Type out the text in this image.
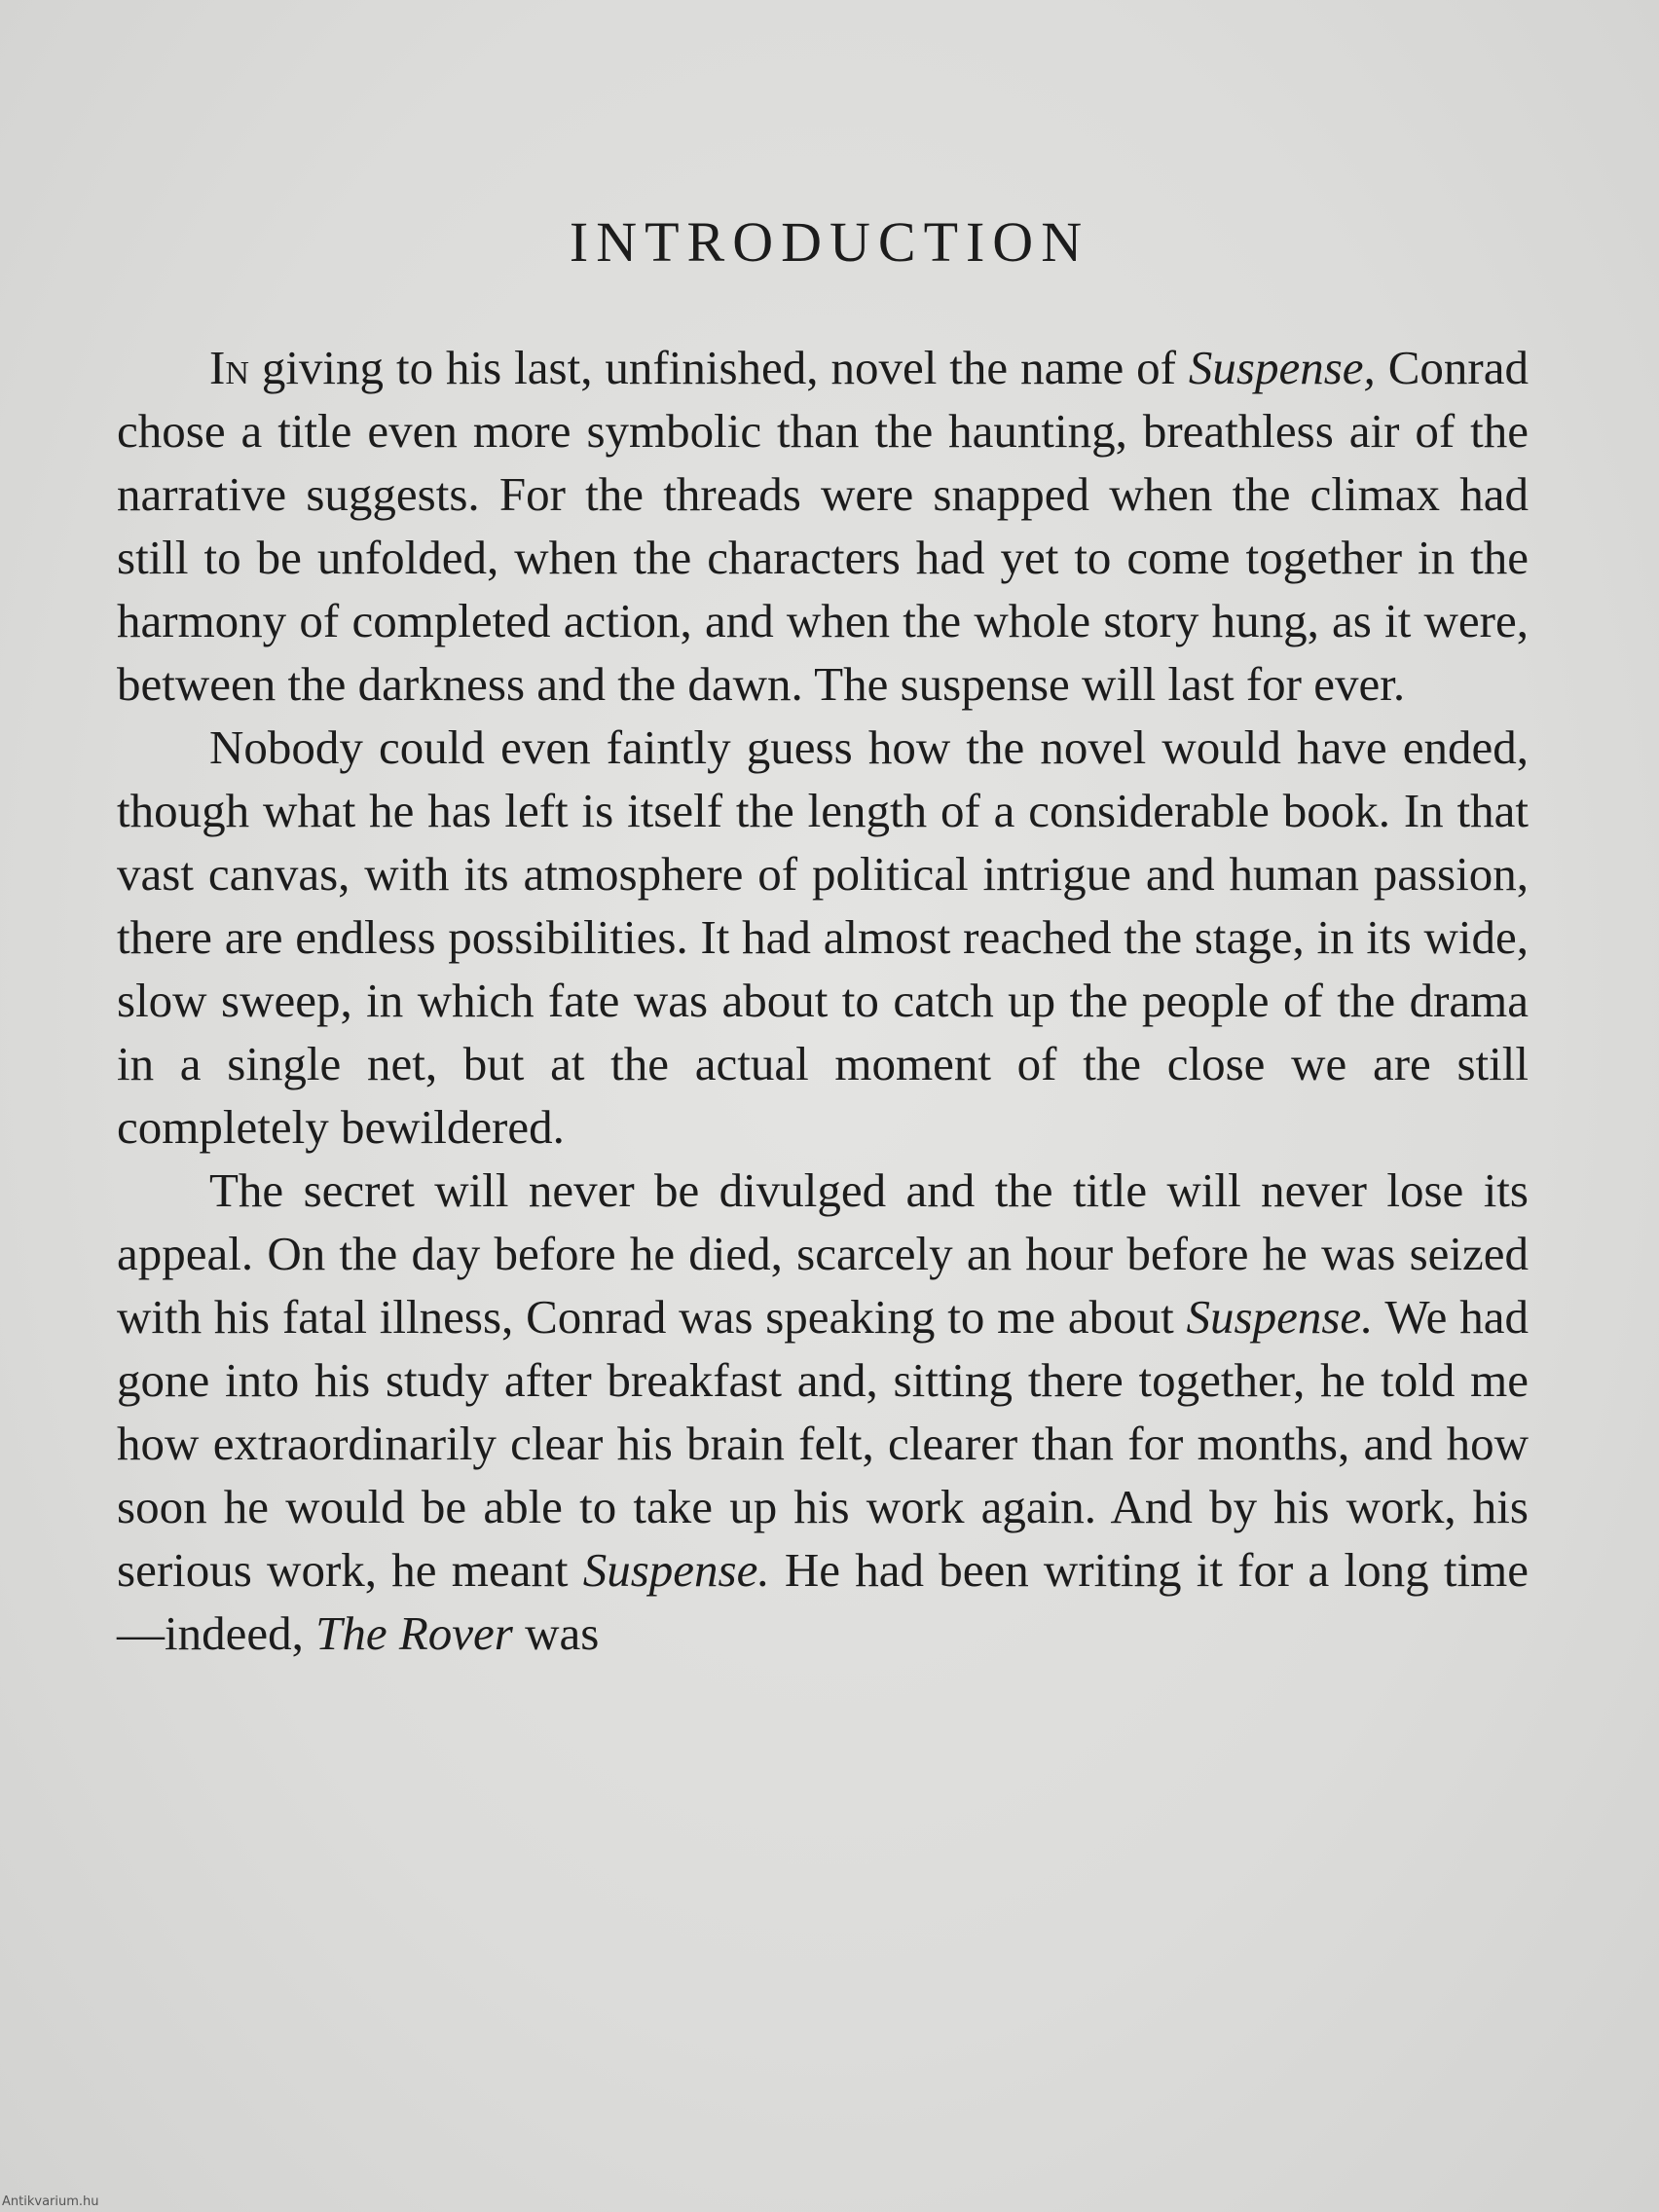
INTRODUCTION

In giving to his last, unfinished, novel the name of Suspense, Conrad chose a title even more symbolic than the haunting, breathless air of the narrative suggests. For the threads were snapped when the climax had still to be unfolded, when the characters had yet to come together in the harmony of completed action, and when the whole story hung, as it were, between the darkness and the dawn. The suspense will last for ever.

Nobody could even faintly guess how the novel would have ended, though what he has left is itself the length of a considerable book. In that vast canvas, with its atmosphere of political intrigue and human passion, there are endless possibilities. It had almost reached the stage, in its wide, slow sweep, in which fate was about to catch up the people of the drama in a single net, but at the actual moment of the close we are still completely bewildered.

The secret will never be divulged and the title will never lose its appeal. On the day before he died, scarcely an hour before he was seized with his fatal illness, Conrad was speaking to me about Suspense. We had gone into his study after breakfast and, sitting there together, he told me how extraordinarily clear his brain felt, clearer than for months, and how soon he would be able to take up his work again. And by his work, his serious work, he meant Suspense. He had been writing it for a long time—indeed, The Rover was

Antikvarium.hu
